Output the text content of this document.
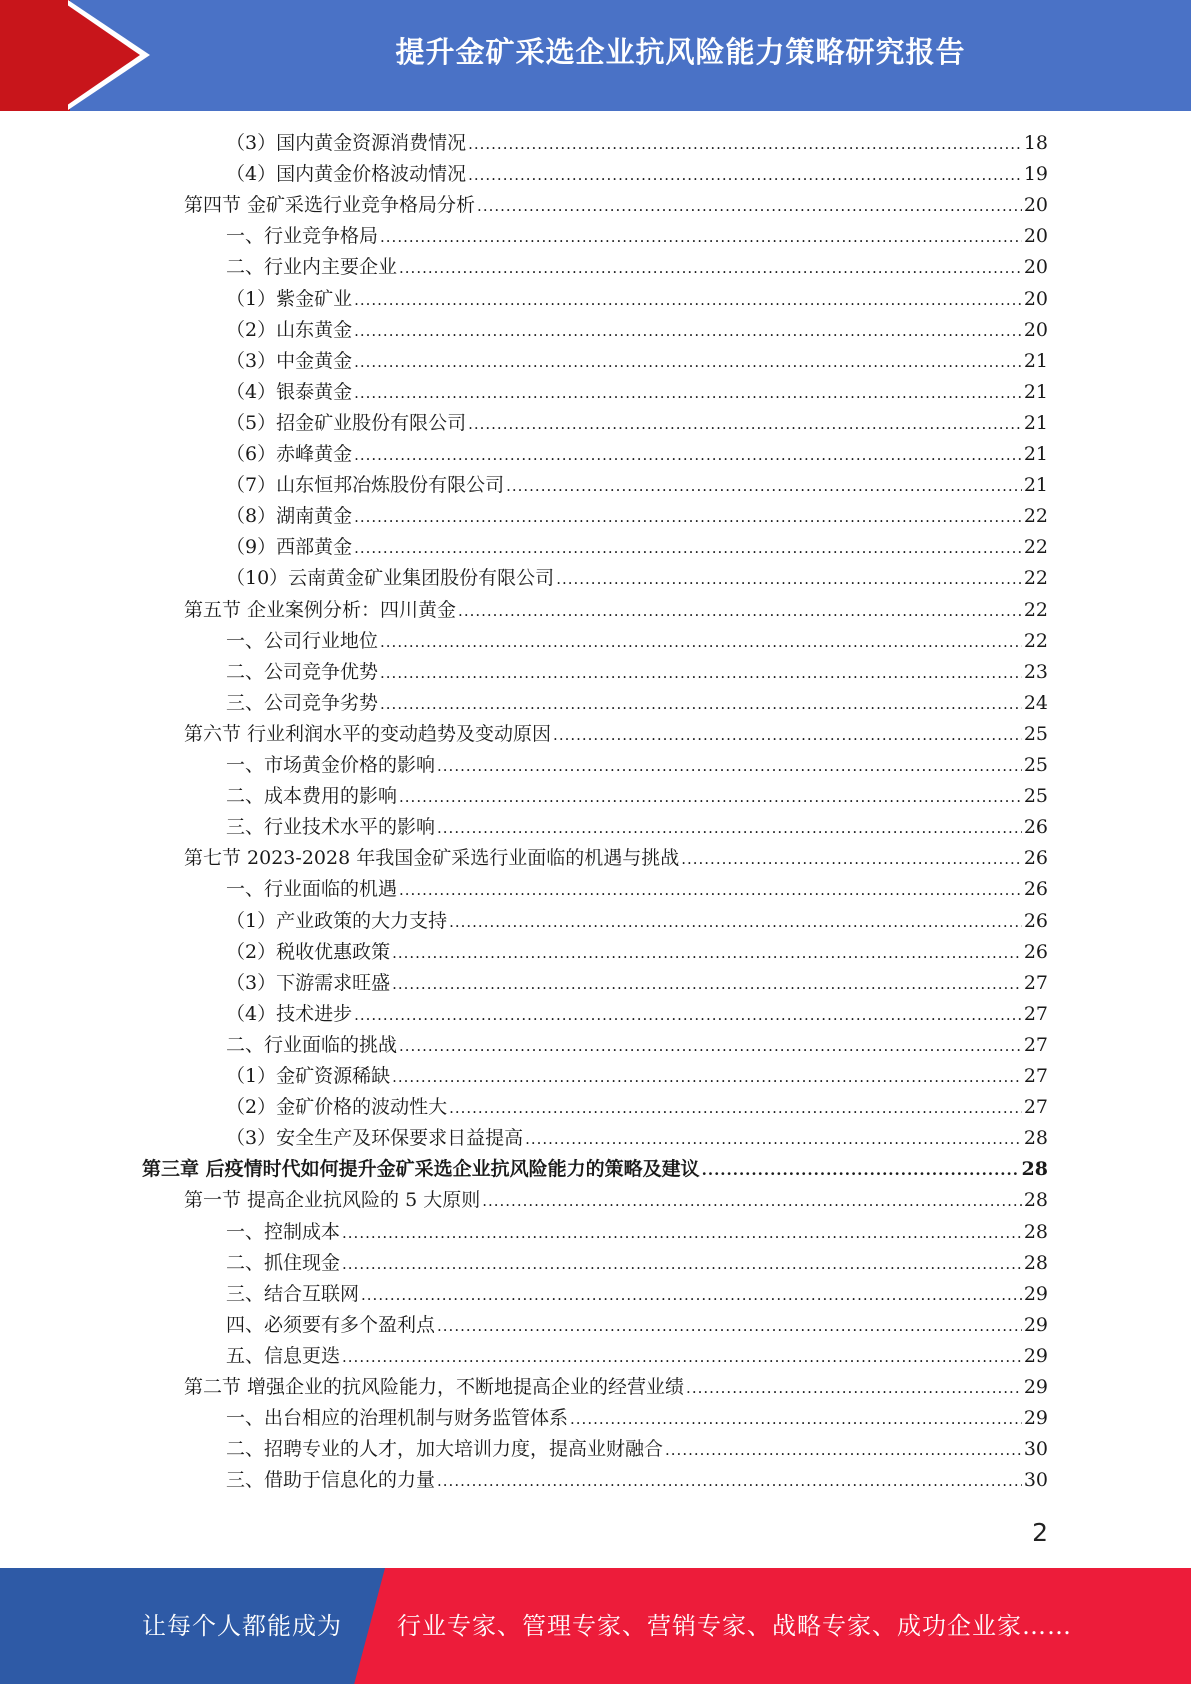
提升金矿采选企业抗风险能力策略研究报告
（3）国内黄金资源消费情况 .....	18
（4）国内黄金价格波动情况 .....	19
第四节 金矿采选行业竞争格局分析 .....	20
一、行业竞争格局 .....	20
二、行业内主要企业 .....	20
（1）紫金矿业 .....	20
（2）山东黄金 .....	20
（3）中金黄金 .....	21
（4）银泰黄金 .....	21
（5）招金矿业股份有限公司 .....	21
（6）赤峰黄金 .....	21
（7）山东恒邦冶炼股份有限公司 .....	21
（8）湖南黄金 .....	22
（9）西部黄金 .....	22
（10）云南黄金矿业集团股份有限公司 .....	22
第五节 企业案例分析：四川黄金 .....	22
一、公司行业地位 .....	22
二、公司竞争优势 .....	23
三、公司竞争劣势 .....	24
第六节 行业利润水平的变动趋势及变动原因 .....	25
一、市场黄金价格的影响 .....	25
二、成本费用的影响 .....	25
三、行业技术水平的影响 .....	26
第七节 2023-2028 年我国金矿采选行业面临的机遇与挑战 .....	26
一、行业面临的机遇 .....	26
（1）产业政策的大力支持 .....	26
（2）税收优惠政策 .....	26
（3）下游需求旺盛 .....	27
（4）技术进步 .....	27
二、行业面临的挑战 .....	27
（1）金矿资源稀缺 .....	27
（2）金矿价格的波动性大 .....	27
（3）安全生产及环保要求日益提高 .....	28
第三章 后疫情时代如何提升金矿采选企业抗风险能力的策略及建议 .....	28
第一节 提高企业抗风险的 5 大原则 .....	28
一、控制成本 .....	28
二、抓住现金 .....	28
三、结合互联网 .....	29
四、必须要有多个盈利点 .....	29
五、信息更迭 .....	29
第二节 增强企业的抗风险能力，不断地提高企业的经营业绩 .....	29
一、出台相应的治理机制与财务监管体系 .....	29
二、招聘专业的人才，加大培训力度，提高业财融合 .....	30
三、借助于信息化的力量 .....	30
2
让每个人都能成为 行业专家、管理专家、营销专家、战略专家、成功企业家……
